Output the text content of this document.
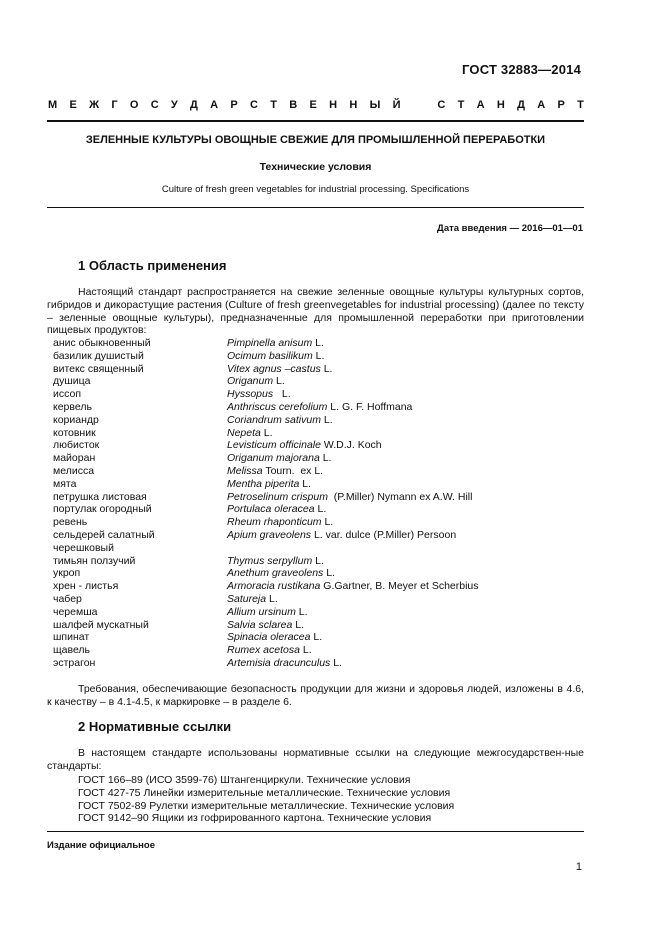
ГОСТ 32883—2014
М Е Ж Г О С У Д А Р С Т В Е Н Н Ы Й	С Т А Н Д А Р Т
ЗЕЛЕННЫЕ КУЛЬТУРЫ ОВОЩНЫЕ СВЕЖИЕ ДЛЯ ПРОМЫШЛЕННОЙ ПЕРЕРАБОТКИ
Технические условия
Culture of fresh green vegetables for industrial processing. Specifications
Дата введения — 2016—01—01
1 Область применения
Настоящий стандарт распространяется на свежие зеленные овощные культуры культурных сортов, гибридов и дикорастущие растения (Culture of fresh greenvegetables for industrial processing) (далее по тексту – зеленные овощные культуры), предназначенные для промышленной переработки при приготовлении пищевых продуктов:
анис обыкновенный	Pimpinella anisum L.
базилик душистый	Ocimum basilikum L.
витекс священный	Vitex agnus –castus L.
душица	Origanum L.
иссоп	Hyssopus   L.
кервель	Anthriscus cerefolium L. G. F. Hoffmana
кориандр	Coriandrum sativum L.
котовник	Nepeta L.
любисток	Levisticum officinale W.D.J. Koch
майоран	Origanum majorana L.
мелисса	Melissa Tourn.  ex L.
мята	Mentha piperita L.
петрушка листовая	Petroselinum crispum  (P.Miller) Nymann ex A.W. Hill
портулак огородный	Portulaca oleracea L.
ревень	Rheum rhaponticum L.
сельдерей салатный	Apium graveolens L. var. dulce (P.Miller) Persoon
черешковый
тимьян ползучий	Thymus serpyllum L.
укроп	Anethum graveolens L.
хрен - листья	Armoracia rustikana G.Gartner, B. Meyer et Scherbius
чабер	Satureja L.
черемша	Allium ursinum L.
шалфей мускатный	Salvia sclarea L.
шпинат	Spinacia oleracea L.
щавель	Rumex acetosa L.
эстрагон	Artemisia dracunculus L.
Требования, обеспечивающие безопасность продукции для жизни и здоровья людей, изложены в 4.6, к качеству – в 4.1-4.5, к маркировке – в разделе 6.
2 Нормативные ссылки
В настоящем стандарте использованы нормативные ссылки на следующие межгосударствен-ные стандарты:
ГОСТ 166–89 (ИСО 3599-76) Штангенциркули. Технические условия
ГОСТ 427-75 Линейки измерительные металлические. Технические условия
ГОСТ 7502-89 Рулетки измерительные металлические. Технические условия
ГОСТ 9142–90 Ящики из гофрированного картона. Технические условия
Издание официальное
1
